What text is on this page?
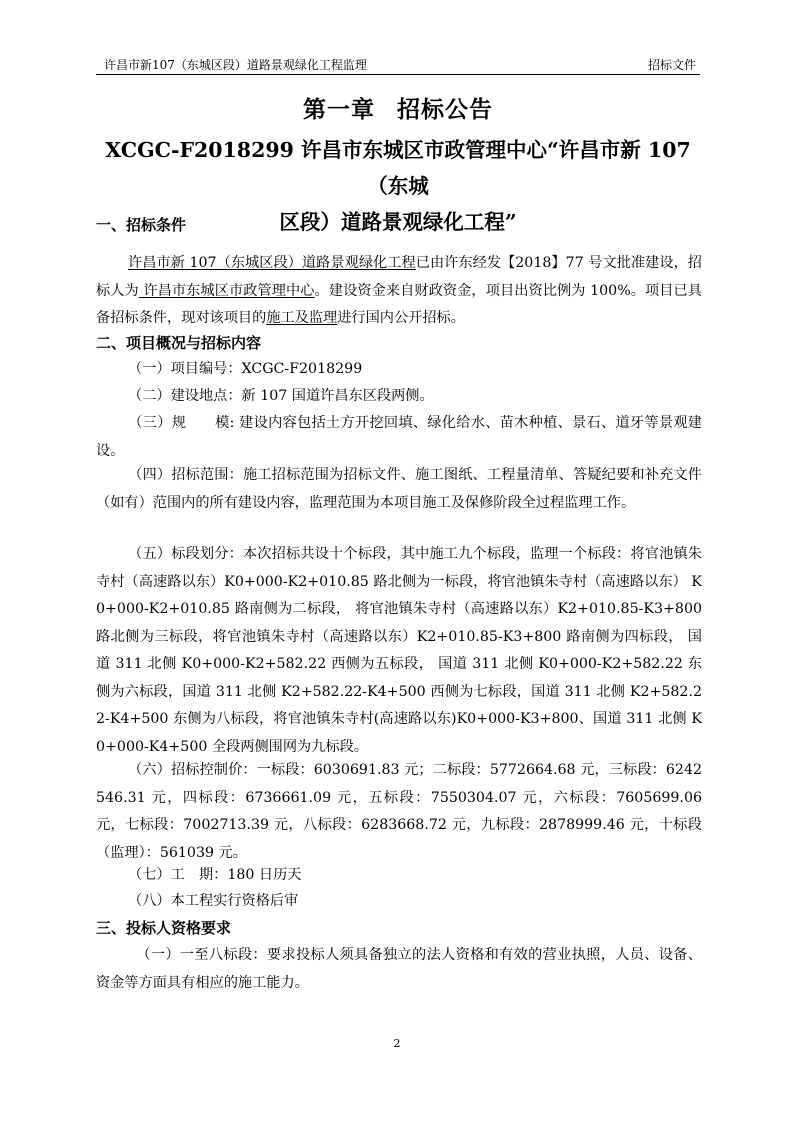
许昌市新107（东城区段）道路景观绿化工程监理	招标文件
第一章 招标公告
XCGC-F2018299 许昌市东城区市政管理中心“许昌市新 107（东城
区段）道路景观绿化工程”
一、招标条件
许昌市新 107（东城区段）道路景观绿化工程已由许东经发【2018】77 号文批准建设，招标人为 许昌市东城区市政管理中心。建设资金来自财政资金，项目出资比例为 100%。项目已具备招标条件，现对该项目的施工及监理进行国内公开招标。
二、项目概况与招标内容
（一）项目编号：XCGC-F2018299
（二）建设地点：新 107 国道许昌东区段两侧。
（三）规　　模: 建设内容包括土方开挖回填、绿化给水、苗木种植、景石、道牙等景观建设。
（四）招标范围：施工招标范围为招标文件、施工图纸、工程量清单、答疑纪要和补充文件（如有）范围内的所有建设内容，监理范围为本项目施工及保修阶段全过程监理工作。
（五）标段划分：本次招标共设十个标段，其中施工九个标段，监理一个标段：将官池镇朱寺村（高速路以东）K0+000-K2+010.85 路北侧为一标段，将官池镇朱寺村（高速路以东） K0+000-K2+010.85 路南侧为二标段， 将官池镇朱寺村（高速路以东）K2+010.85-K3+800 路北侧为三标段，将官池镇朱寺村（高速路以东）K2+010.85-K3+800 路南侧为四标段， 国道 311 北侧 K0+000-K2+582.22 西侧为五标段， 国道 311 北侧 K0+000-K2+582.22 东侧为六标段，国道 311 北侧 K2+582.22-K4+500 西侧为七标段，国道 311 北侧 K2+582.22-K4+500 东侧为八标段，将官池镇朱寺村(高速路以东)K0+000-K3+800、国道 311 北侧 K0+000-K4+500 全段两侧围网为九标段。
（六）招标控制价：一标段：6030691.83 元；二标段：5772664.68 元，三标段：6242546.31 元，四标段：6736661.09 元，五标段：7550304.07 元，六标段：7605699.06 元，七标段：7002713.39 元，八标段：6283668.72 元，九标段：2878999.46 元，十标段（监理）：561039 元。
（七）工　期：180 日历天
（八）本工程实行资格后审
三、投标人资格要求
（一）一至八标段：要求投标人须具备独立的法人资格和有效的营业执照，人员、设备、资金等方面具有相应的施工能力。
2
